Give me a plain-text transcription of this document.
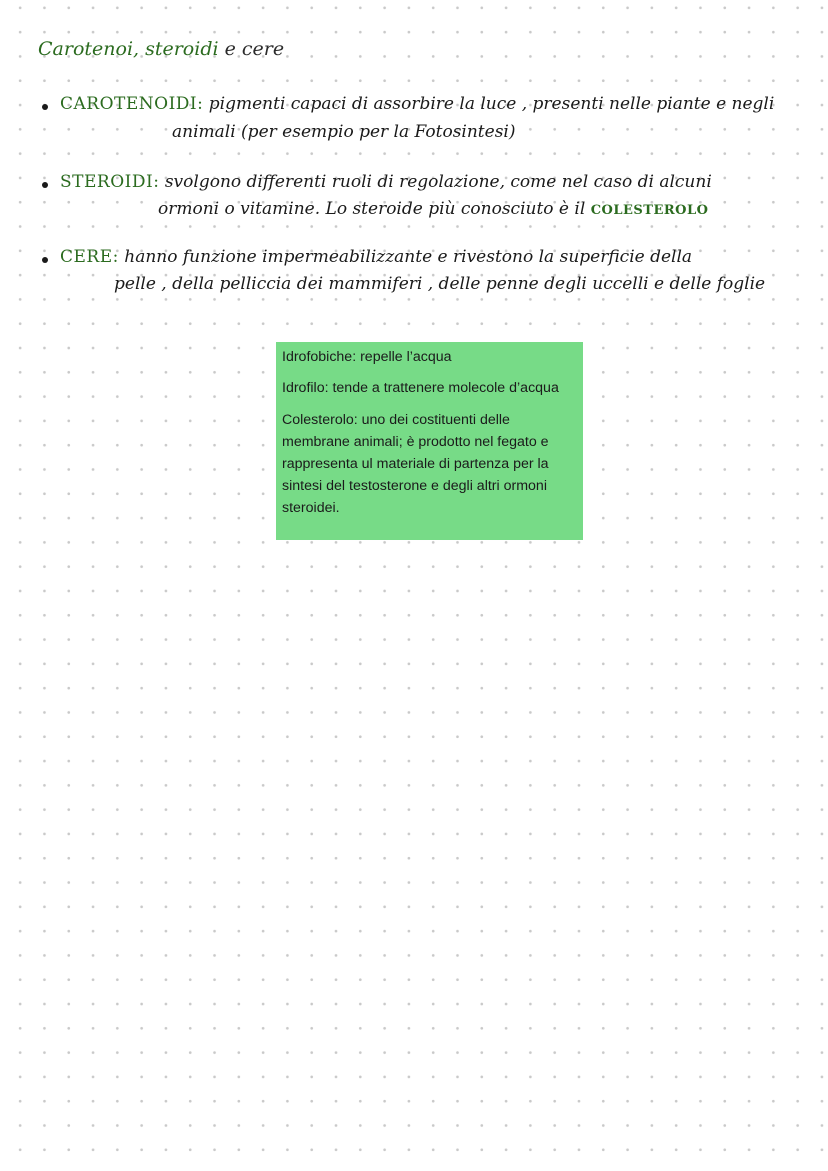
Carotenoi, steroidi e cere
CAROTENOIDI: pigmenti capaci di assorbire la luce , presenti nelle piante e negli
animali (per esempio per la Fotosintesi)
STEROIDI: svolgono differenti ruoli di regolazione, come nel caso di alcuni
ormoni o vitamine. Lo steroide più conosciuto è il COLESTEROLO
CERE: hanno funzione impermeabilizzante e rivestono la superficie della
pelle , della pelliccia dei mammiferi , delle penne degli uccelli e delle foglie
Idrofobiche: repelle l’acqua
Idrofilo: tende a trattenere molecole d’acqua
Colesterolo: uno dei costituenti delle membrane animali; è prodotto nel fegato e rappresenta ul materiale di partenza per la sintesi del testosterone e degli altri ormoni steroidei.
